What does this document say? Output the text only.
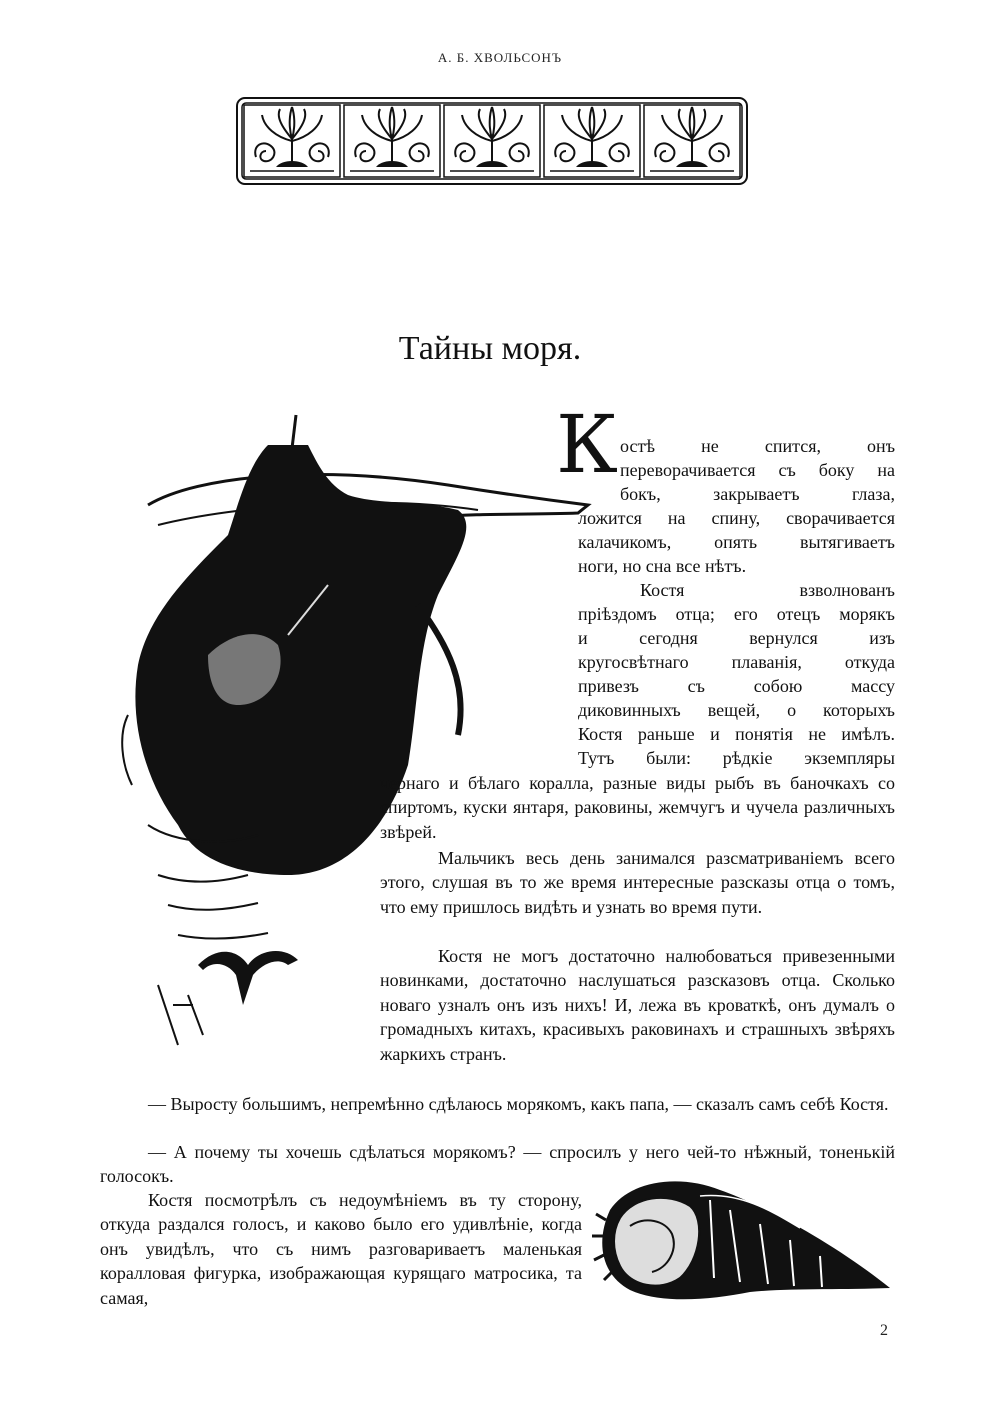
А. Б. ХВОЛЬСОНЪ
Тайны моря.
К остѣ не спится, онъ
переворачивается съ боку на
бокъ, закрываетъ глаза,
ложится на спину, сворачивается
калачикомъ, опять вытягиваетъ
ноги, но сна все нѣтъ.
Костя взволнованъ
пріѣздомъ отца; его отецъ морякъ
и сегодня вернулся изъ
кругосвѣтнаго плаванія, откуда
привезъ съ собою массу
диковинныхъ вещей, о которыхъ
Костя раньше и понятія не имѣлъ.
Тутъ были: рѣдкіе экземпляры

чернаго и бѣлаго коралла, разные виды рыбъ въ баночкахъ со спиртомъ, куски янтаря, раковины, жемчугъ и чучела различныхъ звѣрей.

Мальчикъ весь день занимался разсматриваніемъ всего этого, слушая въ то же время интересные разсказы отца о томъ, что ему пришлось видѣть и узнать во время пути.

Костя не могъ достаточно налюбоваться привезенными новинками, достаточно наслушаться разсказовъ отца. Сколько новаго узналъ онъ изъ нихъ! И, лежа въ кроваткѣ, онъ думалъ о громадныхъ китахъ, красивыхъ раковинахъ и страшныхъ звѣряхъ жаркихъ странъ.

— Выросту большимъ, непремѣнно сдѣлаюсь морякомъ, какъ папа, — сказалъ самъ себѣ Костя.

— А почему ты хочешь сдѣлаться морякомъ? — спросилъ у него чей-то нѣжный, тоненькій голосокъ.

Костя посмотрѣлъ съ недоумѣніемъ въ ту сторону, откуда раздался голосъ, и каково было его удивлѣніе, когда онъ увидѣлъ, что съ нимъ разговариваетъ маленькая коралловая фигурка, изображающая курящаго матросика, та самая,

2
